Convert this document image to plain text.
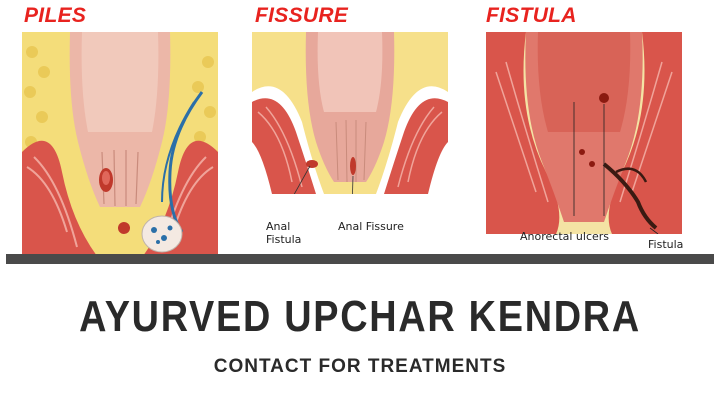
PILES	FISSURE	FISTULA
Anal
Fistula
Anal Fissure
Anorectal ulcers
Fistula
AYURVED UPCHAR KENDRA
CONTACT FOR TREATMENTS
